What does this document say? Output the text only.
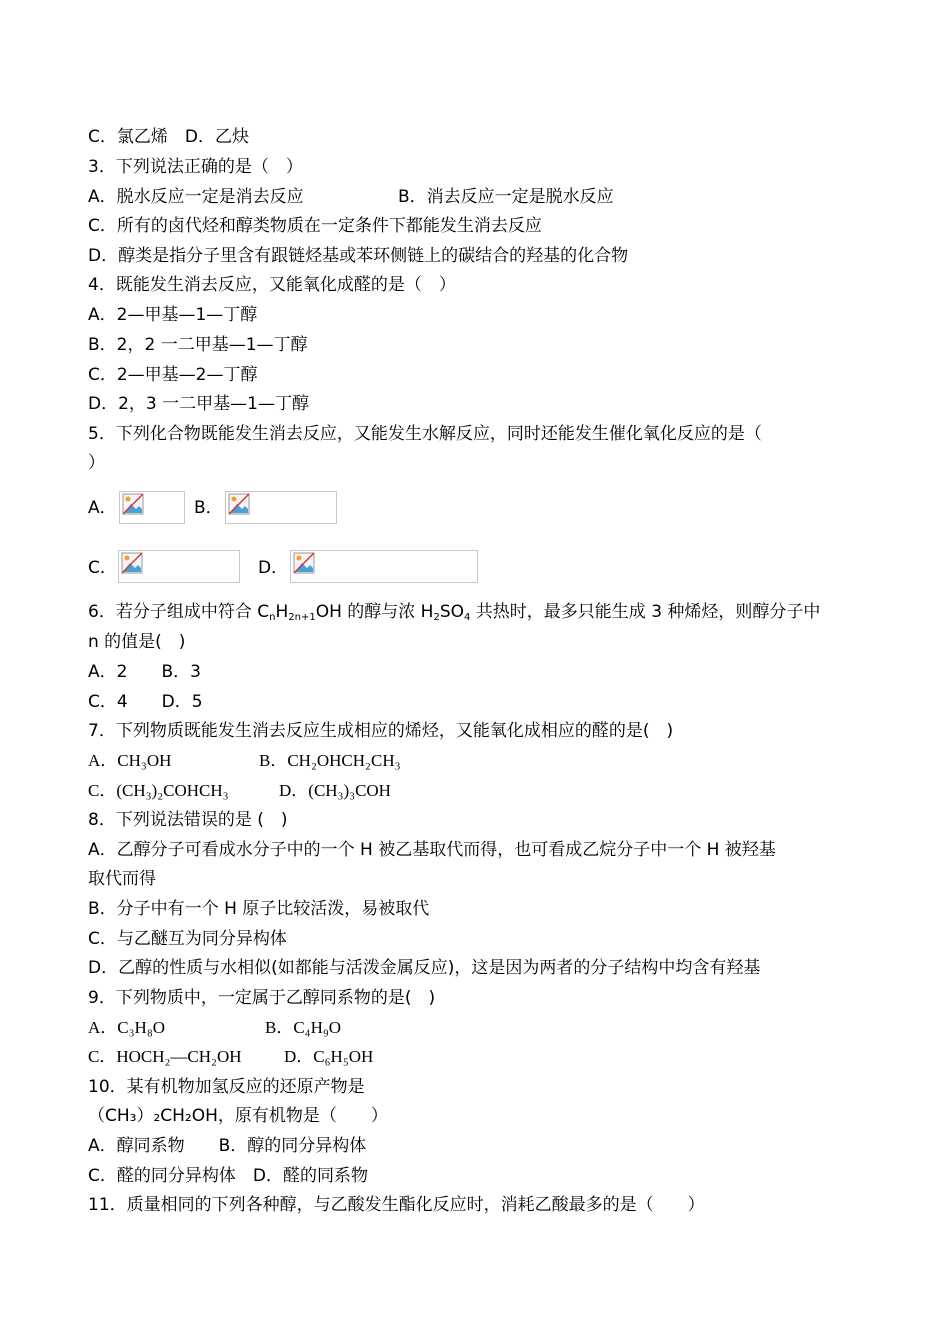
C．氯乙烯　D．乙炔
3．下列说法正确的是（　）
A．脱水反应一定是消去反应	B．消去反应一定是脱水反应
C．所有的卤代烃和醇类物质在一定条件下都能发生消去反应
D．醇类是指分子里含有跟链烃基或苯环侧链上的碳结合的羟基的化合物
4．既能发生消去反应，又能氧化成醛的是（　）
A．2—甲基—1—丁醇
B．2，2 一二甲基—1—丁醇
C．2—甲基—2—丁醇
D．2，3 一二甲基—1—丁醇
5．下列化合物既能发生消去反应，又能发生水解反应，同时还能发生催化氧化反应的是（
）
A．	B．
C．	D．
6．若分子组成中符合 $C_nH_{2n+1}OH$ 的醇与浓 $H_2SO_4$ 共热时，最多只能生成 3 种烯烃，则醇分子中
n 的值是(　)
A．2　　B．3
C．4　　D．5
7．下列物质既能发生消去反应生成相应的烯烃，又能氧化成相应的醛的是(　)
A．CH₃OH	B．CH₂OHCH₂CH₃
C．(CH₃)₂COHCH₃	D．(CH₃)₃COH
8．下列说法错误的是 (　)
A．乙醇分子可看成水分子中的一个 H 被乙基取代而得，也可看成乙烷分子中一个 H 被羟基
取代而得
B．分子中有一个 H 原子比较活泼，易被取代
C．与乙醚互为同分异构体
D．乙醇的性质与水相似(如都能与活泼金属反应)，这是因为两者的分子结构中均含有羟基
9．下列物质中，一定属于乙醇同系物的是(　)
A．C₃H₈O	B．C₄H₉O
C．HOCH₂—CH₂OH D．C₆H₅OH
10．某有机物加氢反应的还原产物是
（CH₃）₂CH₂OH，原有机物是（　　）
A．醇同系物　　B．醇的同分异构体
C．醛的同分异构体　D．醛的同系物
11．质量相同的下列各种醇，与乙酸发生酯化反应时，消耗乙酸最多的是（　　）
